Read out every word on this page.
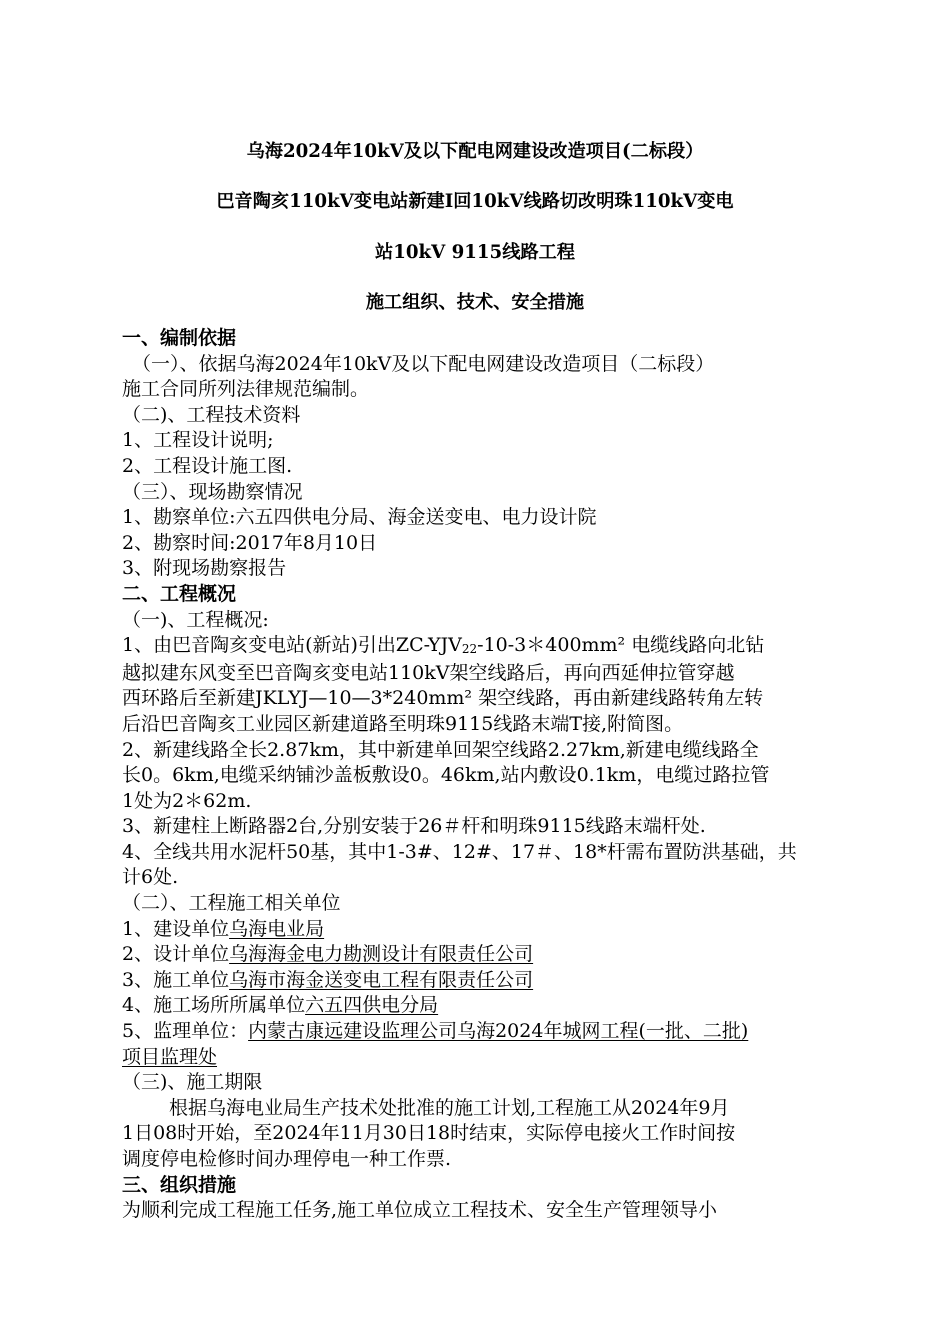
乌海2024年10kV及以下配电网建设改造项目(二标段）
巴音陶亥110kV变电站新建Ⅰ回10kV线路切改明珠110kV变电
站10kV 9115线路工程
施工组织、技术、安全措施

一、编制依据

（一）、依据乌海2024年10kV及以下配电网建设改造项目（二标段）

施工合同所列法律规范编制。

（二)、工程技术资料

1、工程设计说明;

2、工程设计施工图.

（三）、现场勘察情况

1、勘察单位:六五四供电分局、海金送变电、电力设计院

2、勘察时间:2017年8月10日

3、附现场勘察报告

二、工程概况

（一)、工程概况:

1、由巴音陶亥变电站(新站)引出$ZC-YJV_{22}-10-3*400mm^2$ 电缆线路向北钻

越拟建东风变至巴音陶亥变电站110kV架空线路后，再向西延伸拉管穿越

西环路后至新建JKLYJ—10—3*240mm² 架空线路，再由新建线路转角左转

后沿巴音陶亥工业园区新建道路至明珠9115线路末端T接,附简图。

2、新建线路全长2.87km，其中新建单回架空线路2.27km,新建电缆线路全

长0。6km,电缆采纳铺沙盖板敷设0。46km,站内敷设0.1km，电缆过路拉管

1处为2＊62m.

3、新建柱上断路器2台,分别安装于26＃杆和明珠9115线路末端杆处.

4、全线共用水泥杆50基，其中1-3#、12#、17＃、18*杆需布置防洪基础，共

计6处.

（二）、工程施工相关单位

1、建设单位乌海电业局

2、设计单位乌海海金电力勘测设计有限责任公司

3、施工单位乌海市海金送变电工程有限责任公司

4、施工场所所属单位六五四供电分局

5、监理单位：内蒙古康远建设监理公司乌海2024年城网工程(一批、二批)

项目监理处

（三)、施工期限

根据乌海电业局生产技术处批准的施工计划,工程施工从2024年9月

1日08时开始，至2024年11月30日18时结束，实际停电接火工作时间按

调度停电检修时间办理停电一种工作票.

三、组织措施

为顺利完成工程施工任务,施工单位成立工程技术、安全生产管理领导小
